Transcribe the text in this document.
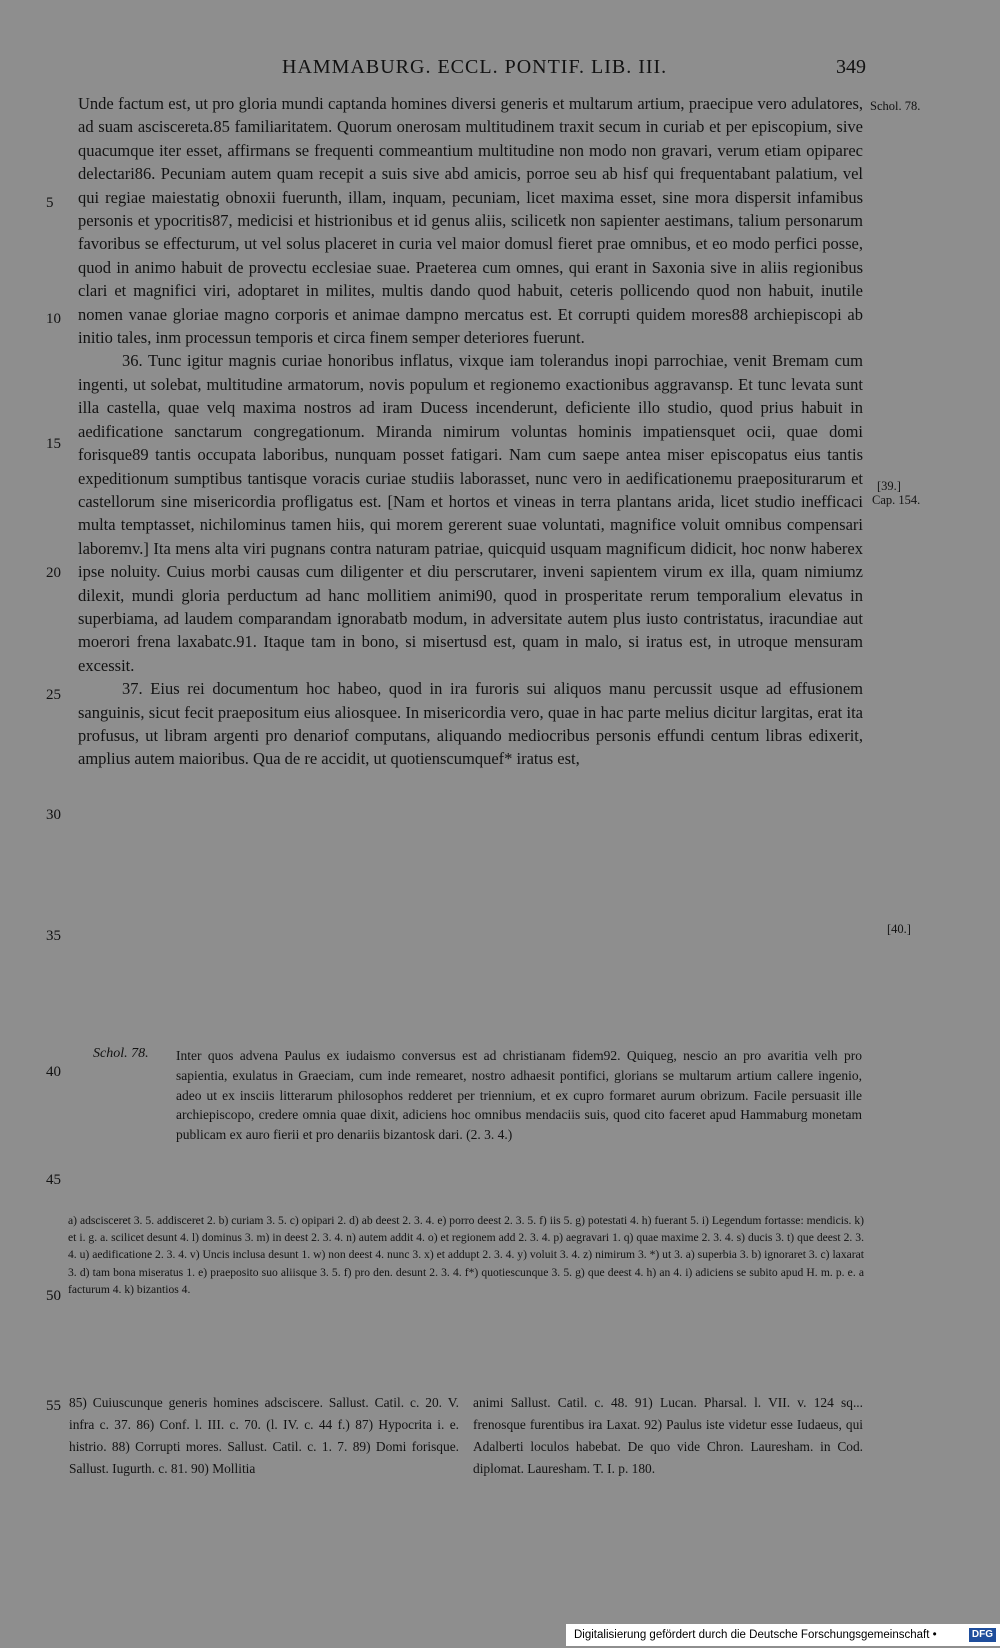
HAMMABURG. ECCL. PONTIF. LIB. III.	349
Schol. 78.
[39.]
Cap. 154.
[40.]
5
10
15
20
25
30
35
40
45
50
55

Unde factum est, ut pro gloria mundi captanda homines diversi generis et multarum artium, praecipue vero adulatores, ad suam asciscereta.85 familiaritatem. Quorum onerosam multitudinem traxit secum in curiab et per episcopium, sive quacumque iter esset, affirmans se frequenti commeantium multitudine non modo non gravari, verum etiam opiparec delectari86. Pecuniam autem quam recepit a suis sive abd amicis, porroe seu ab hisf qui frequentabant palatium, vel qui regiae maiestatig obnoxii fuerunth, illam, inquam, pecuniam, licet maxima esset, sine mora dispersit infamibus personis et ypocritis87, medicisi et histrionibus et id genus aliis, scilicetk non sapienter aestimans, talium personarum favoribus se effecturum, ut vel solus placeret in curia vel maior domusl fieret prae omnibus, et eo modo perfici posse, quod in animo habuit de provectu ecclesiae suae. Praeterea cum omnes, qui erant in Saxonia sive in aliis regionibus clari et magnifici viri, adoptaret in milites, multis dando quod habuit, ceteris pollicendo quod non habuit, inutile nomen vanae gloriae magno corporis et animae dampno mercatus est. Et corrupti quidem mores88 archiepiscopi ab initio tales, inm processun temporis et circa finem semper deteriores fuerunt.

36. Tunc igitur magnis curiae honoribus inflatus, vixque iam tolerandus inopi parrochiae, venit Bremam cum ingenti, ut solebat, multitudine armatorum, novis populum et regionemo exactionibus aggravansp. Et tunc levata sunt illa castella, quae velq maxima nostros ad iram Ducess incenderunt, deficiente illo studio, quod prius habuit in aedificatione sanctarum congregationum. Miranda nimirum voluntas hominis impatiensquet ocii, quae domi forisque89 tantis occupata laboribus, nunquam posset fatigari. Nam cum saepe antea miser episcopatus eius tantis expeditionum sumptibus tantisque voracis curiae studiis laborasset, nunc vero in aedificationemu praepositurarum et castellorum sine misericordia profligatus est. [Nam et hortos et vineas in terra plantans arida, licet studio inefficaci multa temptasset, nichilominus tamen hiis, qui morem gererent suae voluntati, magnifice voluit omnibus compensari laboremv.] Ita mens alta viri pugnans contra naturam patriae, quicquid usquam magnificum didicit, hoc nonw haberex ipse noluity. Cuius morbi causas cum diligenter et diu perscrutarer, inveni sapientem virum ex illa, quam nimiumz dilexit, mundi gloria perductum ad hanc mollitiem animi90, quod in prosperitate rerum temporalium elevatus in superbiama, ad laudem comparandam ignorabatb modum, in adversitate autem plus iusto contristatus, iracundiae aut moerori frena laxabatc.91. Itaque tam in bono, si misertusd est, quam in malo, si iratus est, in utroque mensuram excessit.

37. Eius rei documentum hoc habeo, quod in ira furoris sui aliquos manu percussit usque ad effusionem sanguinis, sicut fecit praepositum eius aliosquee. In misericordia vero, quae in hac parte melius dicitur largitas, erat ita profusus, ut libram argenti pro denariof computans, aliquando mediocribus personis effundi centum libras edixerit, amplius autem maioribus. Qua de re accidit, ut quotienscumquef* iratus est,

Schol. 78. Inter quos advena Paulus ex iudaismo conversus est ad christianam fidem92. Quiqueg, nescio an pro avaritia velh pro sapientia, exulatus in Graeciam, cum inde remearet, nostro adhaesit pontifici, glorians se multarum artium callere ingenio, adeo ut ex insciis litterarum philosophos redderet per triennium, et ex cupro formaret aurum obrizum. Facile persuasit ille archiepiscopo, credere omnia quae dixit, adiciens hoc omnibus mendaciis suis, quod cito faceret apud Hammaburg monetam publicam ex auro fierii et pro denariis bizantosk dari. (2. 3. 4.)
a) adscisceret 3. 5. addisceret 2. b) curiam 3. 5. c) opipari 2. d) ab deest 2. 3. 4. e) porro deest 2. 3. 5. f) iis 5. g) potestati 4. h) fuerant 5. i) Legendum fortasse: mendicis. k) et i. g. a. scilicet desunt 4. l) dominus 3. m) in deest 2. 3. 4. n) autem addit 4. o) et regionem add 2. 3. 4. p) aegravari 1. q) quae maxime 2. 3. 4. s) ducis 3. t) que deest 2. 3. 4. u) aedificatione 2. 3. 4. v) Uncis inclusa desunt 1. w) non deest 4. nunc 3. x) et addupt 2. 3. 4. y) voluit 3. 4. z) nimirum 3. *) ut 3. a) superbia 3. b) ignoraret 3. c) laxarat 3. d) tam bona miseratus 1. e) praeposito suo aliisque 3. 5. f) pro den. desunt 2. 3. 4. f*) quotiescunque 3. 5. g) que deest 4. h) an 4. i) adiciens se subito apud H. m. p. e. a facturum 4. k) bizantios 4.
85) Cuiuscunque generis homines adsciscere. Sallust. Catil. c. 20. V. infra c. 37. 86) Conf. l. III. c. 70. (l. IV. c. 44 f.) 87) Hypocrita i. e. histrio. 88) Corrupti mores. Sallust. Catil. c. 1. 7. 89) Domi forisque. Sallust. Iugurth. c. 81. 90) Mollitia
animi Sallust. Catil. c. 48. 91) Lucan. Pharsal. l. VII. v. 124 sq... frenosque furentibus ira Laxat. 92) Paulus iste videtur esse Iudaeus, qui Adalberti loculos habebat. De quo vide Chron. Lauresham. in Cod. diplomat. Lauresham. T. I. p. 180.
Digitalisierung gefördert durch die Deutsche Forschungsgemeinschaft •	DFG
